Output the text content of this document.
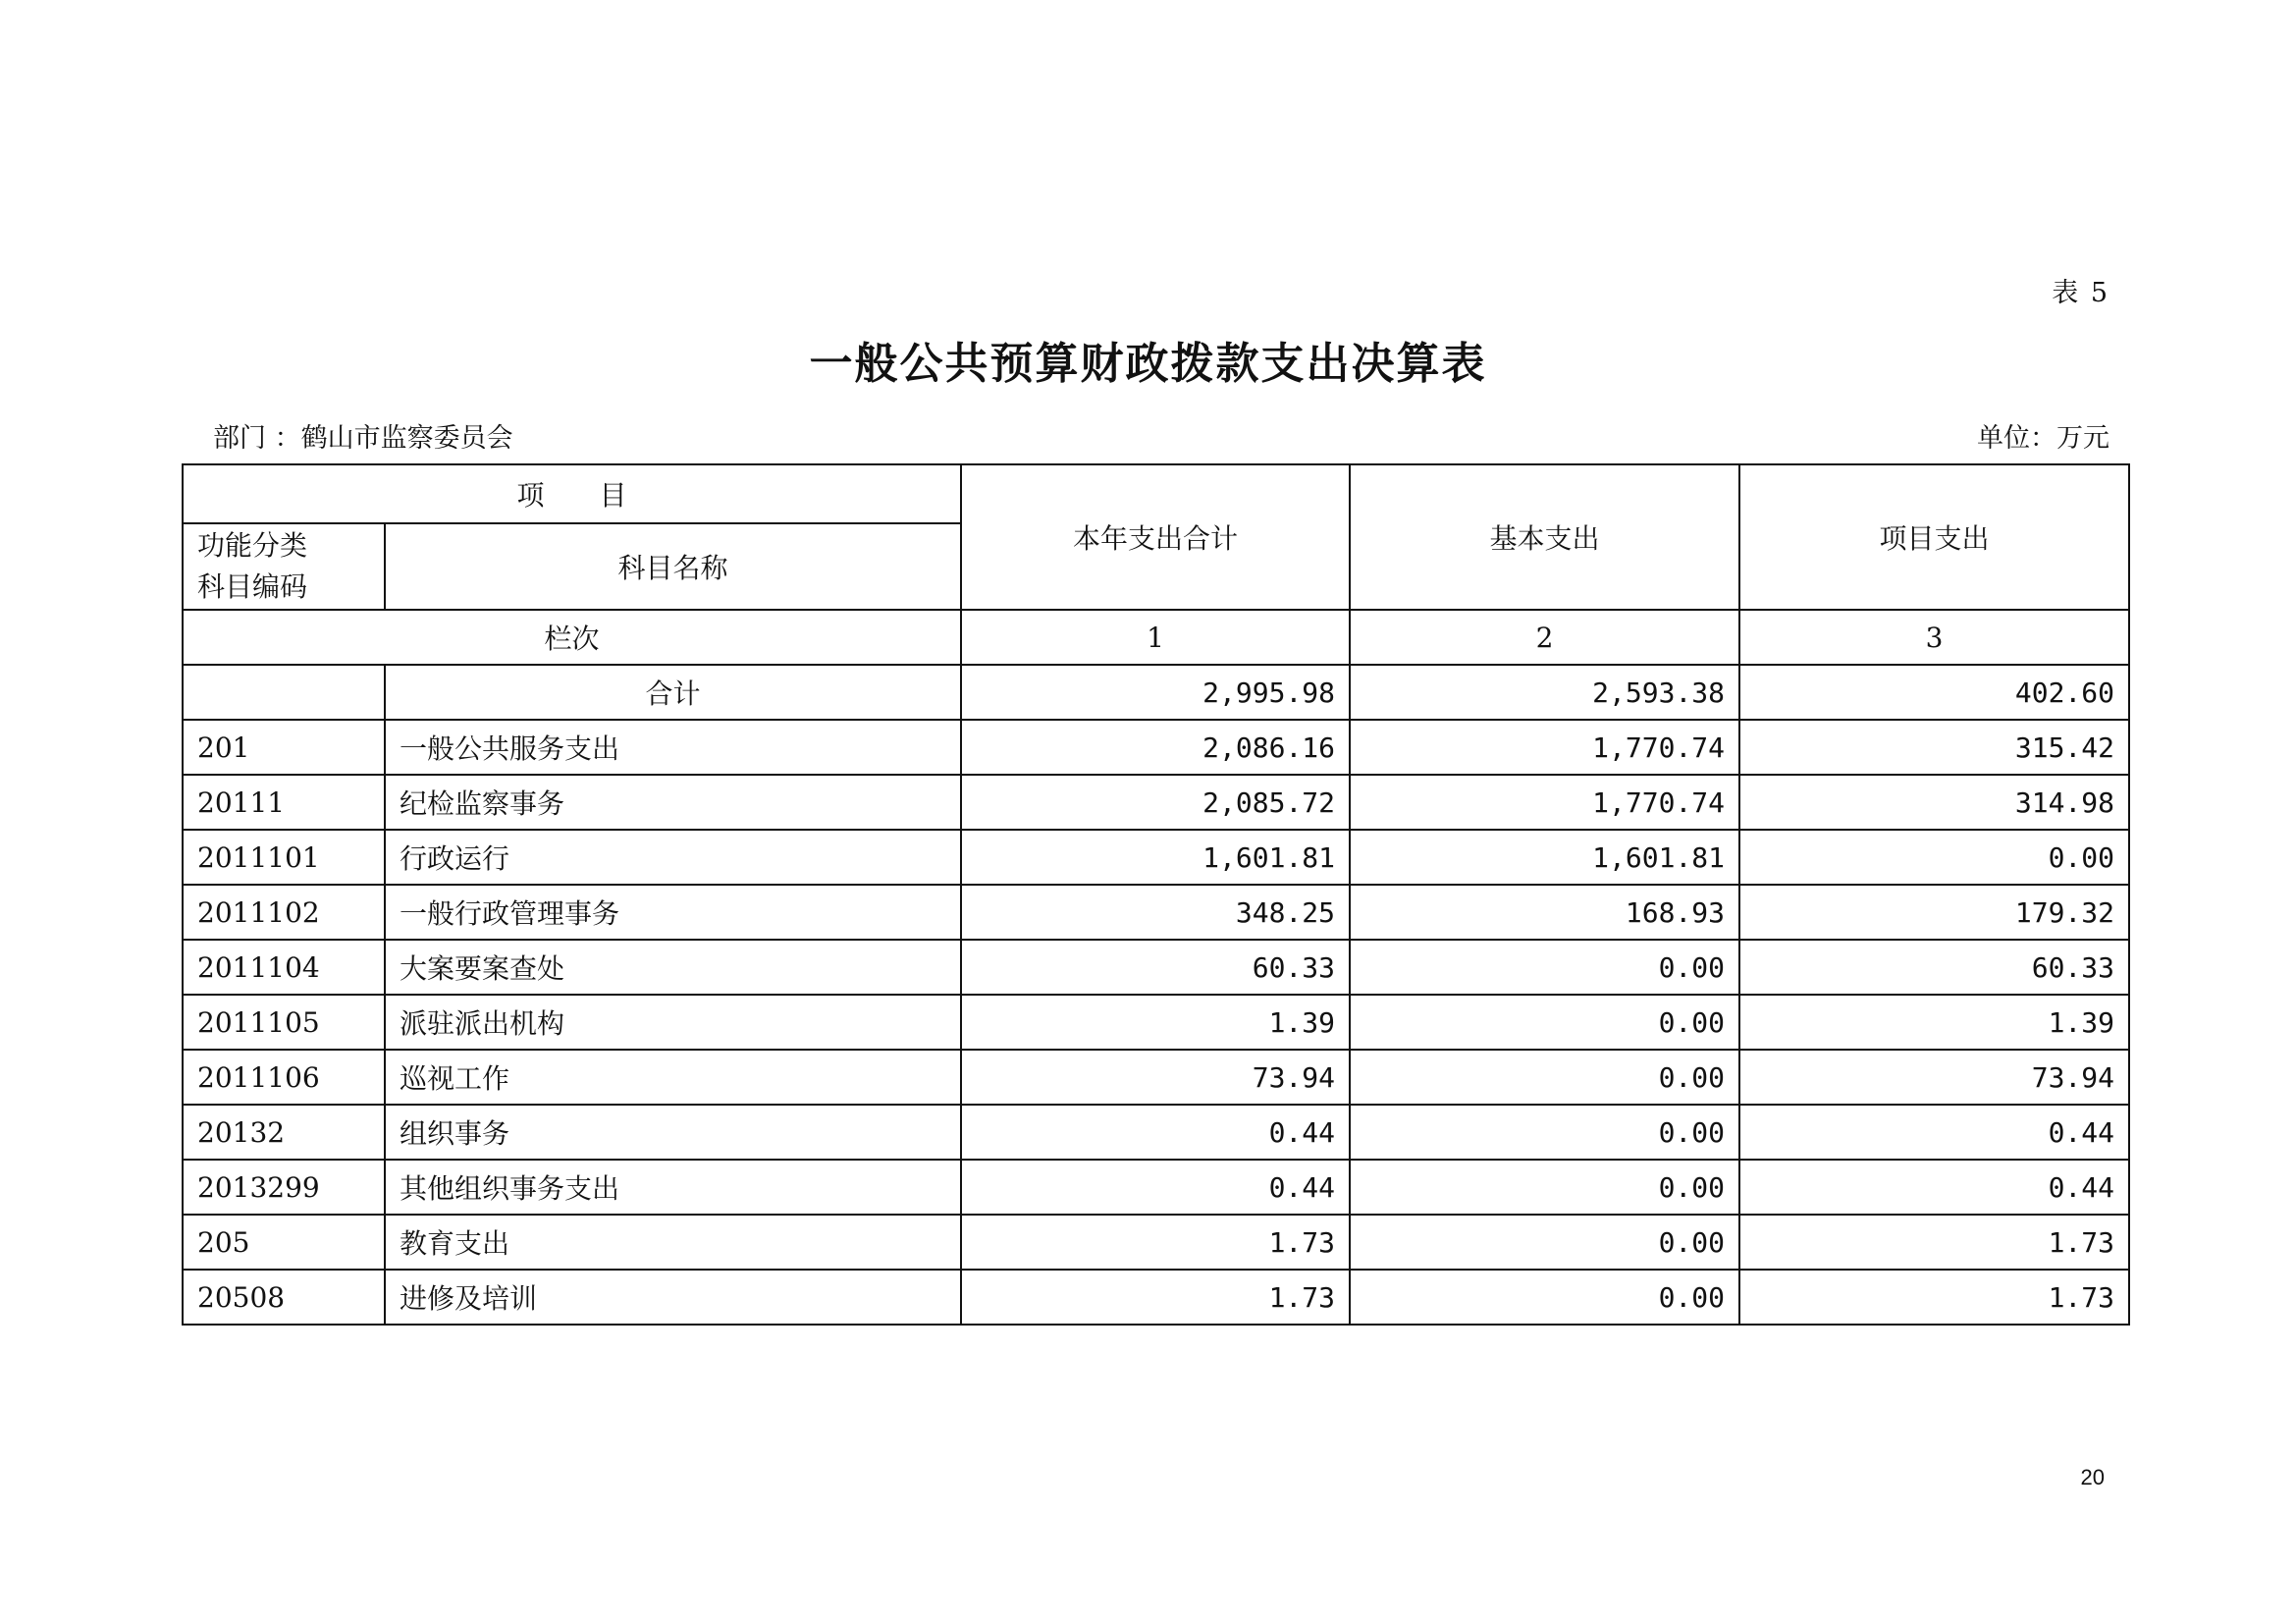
表 5
一般公共预算财政拨款支出决算表
部门 ：鹤山市监察委员会	单位：万元
项　　目		本年支出合计	基本支出	项目支出
功能分类
科目编码	科目名称			
栏次		1	2	3
	合计	2,995.98	2,593.38	402.60
201	一般公共服务支出	2,086.16	1,770.74	315.42
20111	纪检监察事务	2,085.72	1,770.74	314.98
2011101	行政运行	1,601.81	1,601.81	0.00
2011102	一般行政管理事务	348.25	168.93	179.32
2011104	大案要案查处	60.33	0.00	60.33
2011105	派驻派出机构	1.39	0.00	1.39
2011106	巡视工作	73.94	0.00	73.94
20132	组织事务	0.44	0.00	0.44
2013299	其他组织事务支出	0.44	0.00	0.44
205	教育支出	1.73	0.00	1.73
20508	进修及培训	1.73	0.00	1.73
20
